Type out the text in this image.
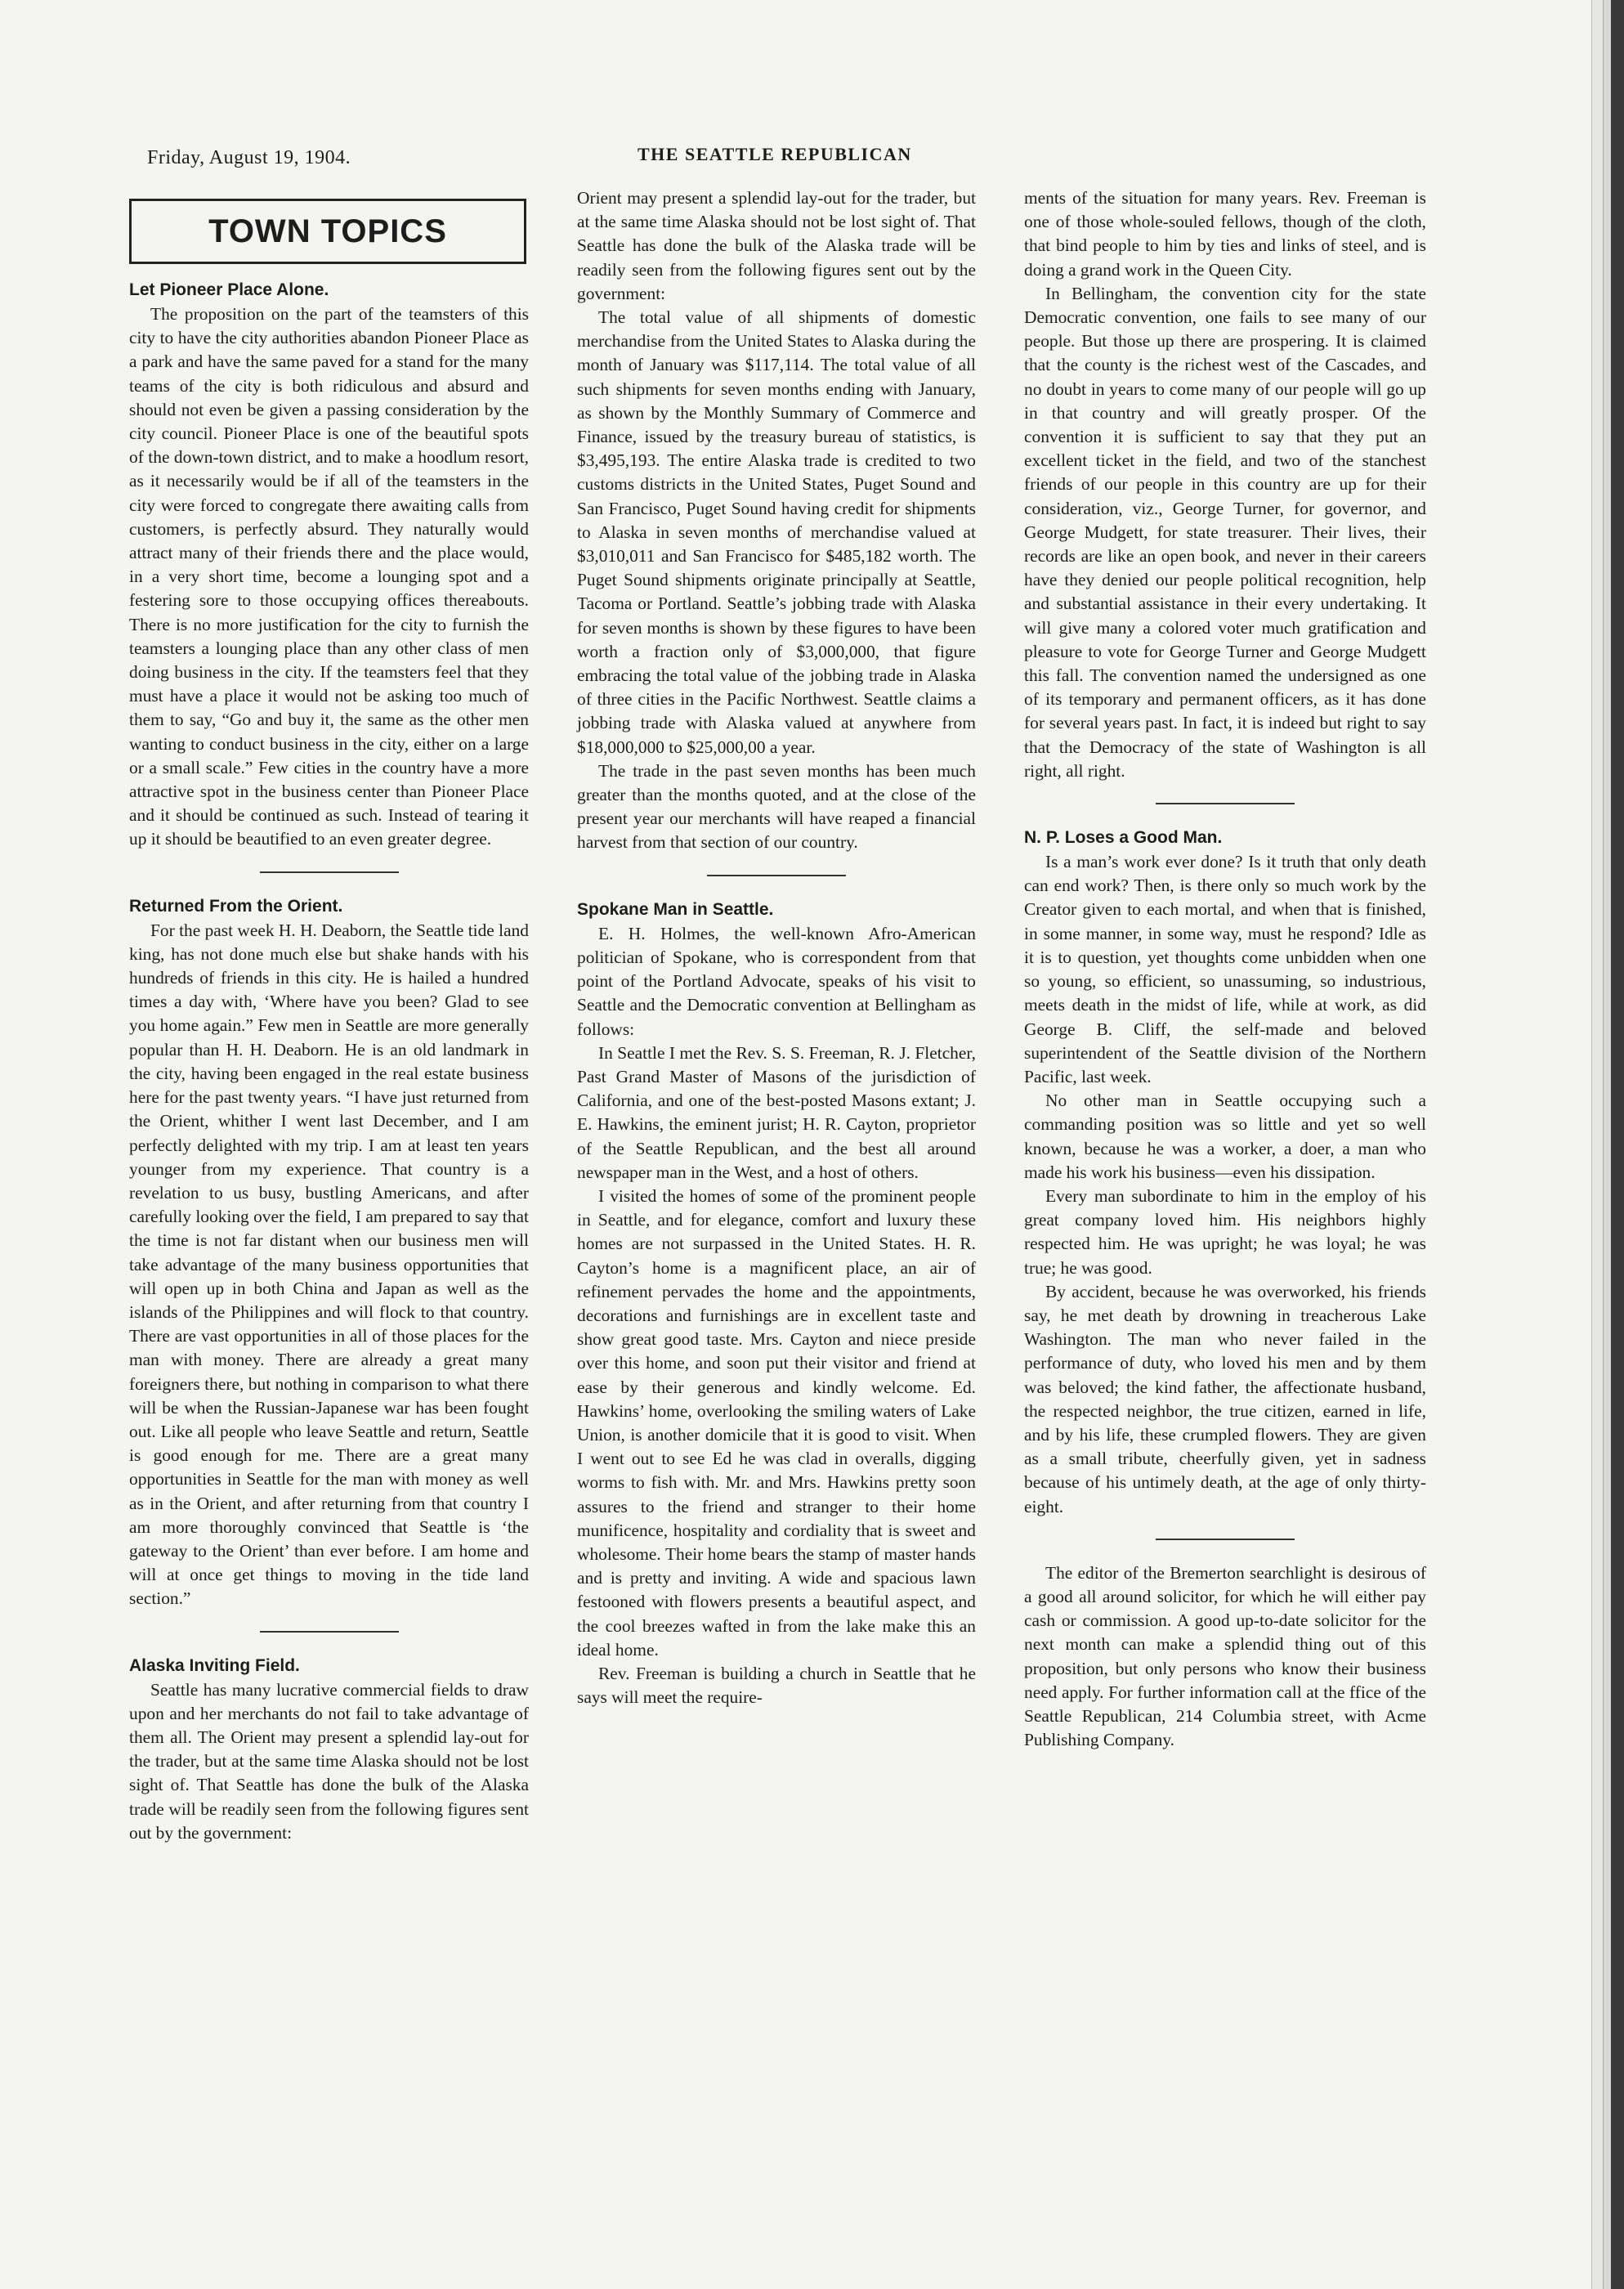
Friday, August 19, 1904.	THE SEATTLE REPUBLICAN
TOWN TOPICS
Let Pioneer Place Alone.

The proposition on the part of the teamsters of this city to have the city authorities abandon Pioneer Place as a park and have the same paved for a stand for the many teams of the city is both ridiculous and absurd and should not even be given a passing consideration by the city council. Pioneer Place is one of the beautiful spots of the down-town district, and to make a hoodlum resort, as it necessarily would be if all of the teamsters in the city were forced to congregate there awaiting calls from customers, is perfectly absurd. They naturally would attract many of their friends there and the place would, in a very short time, become a lounging spot and a festering sore to those occupying offices thereabouts. There is no more justification for the city to furnish the teamsters a lounging place than any other class of men doing business in the city. If the teamsters feel that they must have a place it would not be asking too much of them to say, “Go and buy it, the same as the other men wanting to conduct business in the city, either on a large or a small scale.” Few cities in the country have a more attractive spot in the business center than Pioneer Place and it should be continued as such. Instead of tearing it up it should be beautified to an even greater degree.

Returned From the Orient.

For the past week H. H. Deaborn, the Seattle tide land king, has not done much else but shake hands with his hundreds of friends in this city. He is hailed a hundred times a day with, ‘Where have you been? Glad to see you home again.” Few men in Seattle are more generally popular than H. H. Deaborn. He is an old landmark in the city, having been engaged in the real estate business here for the past twenty years. “I have just returned from the Orient, whither I went last December, and I am perfectly delighted with my trip. I am at least ten years younger from my experience. That country is a revelation to us busy, bustling Americans, and after carefully looking over the field, I am prepared to say that the time is not far distant when our business men will take advantage of the many business opportunities that will open up in both China and Japan as well as the islands of the Philippines and will flock to that country. There are vast opportunities in all of those places for the man with money. There are already a great many foreigners there, but nothing in comparison to what there will be when the Russian-Japanese war has been fought out. Like all people who leave Seattle and return, Seattle is good enough for me. There are a great many opportunities in Seattle for the man with money as well as in the Orient, and after returning from that country I am more thoroughly convinced that Seattle is ‘the gateway to the Orient’ than ever before. I am home and will at once get things to moving in the tide land section.”

Alaska Inviting Field.

Seattle has many lucrative commercial fields to draw upon and her merchants do not fail to take advantage of them all. The Orient may present a splendid lay-out for the trader, but at the same time Alaska should not be lost sight of. That Seattle has done the bulk of the Alaska trade will be readily seen from the following figures sent out by the government:

Orient may present a splendid lay-out for the trader, but at the same time Alaska should not be lost sight of. That Seattle has done the bulk of the Alaska trade will be readily seen from the following figures sent out by the government:

The total value of all shipments of domestic merchandise from the United States to Alaska during the month of January was $117,114. The total value of all such shipments for seven months ending with January, as shown by the Monthly Summary of Commerce and Finance, issued by the treasury bureau of statistics, is $3,495,193. The entire Alaska trade is credited to two customs districts in the United States, Puget Sound and San Francisco, Puget Sound having credit for shipments to Alaska in seven months of merchandise valued at $3,010,011 and San Francisco for $485,182 worth. The Puget Sound shipments originate principally at Seattle, Tacoma or Portland. Seattle’s jobbing trade with Alaska for seven months is shown by these figures to have been worth a fraction only of $3,000,000, that figure embracing the total value of the jobbing trade in Alaska of three cities in the Pacific Northwest. Seattle claims a jobbing trade with Alaska valued at anywhere from $18,000,000 to $25,000,00 a year.

The trade in the past seven months has been much greater than the months quoted, and at the close of the present year our merchants will have reaped a financial harvest from that section of our country.

Spokane Man in Seattle.

E. H. Holmes, the well-known Afro-American politician of Spokane, who is correspondent from that point of the Portland Advocate, speaks of his visit to Seattle and the Democratic convention at Bellingham as follows:

In Seattle I met the Rev. S. S. Freeman, R. J. Fletcher, Past Grand Master of Masons of the jurisdiction of California, and one of the best-posted Masons extant; J. E. Hawkins, the eminent jurist; H. R. Cayton, proprietor of the Seattle Republican, and the best all around newspaper man in the West, and a host of others.

I visited the homes of some of the prominent people in Seattle, and for elegance, comfort and luxury these homes are not surpassed in the United States. H. R. Cayton’s home is a magnificent place, an air of refinement pervades the home and the appointments, decorations and furnishings are in excellent taste and show great good taste. Mrs. Cayton and niece preside over this home, and soon put their visitor and friend at ease by their generous and kindly welcome. Ed. Hawkins’ home, overlooking the smiling waters of Lake Union, is another domicile that it is good to visit. When I went out to see Ed he was clad in overalls, digging worms to fish with. Mr. and Mrs. Hawkins pretty soon assures to the friend and stranger to their home munificence, hospitality and cordiality that is sweet and wholesome. Their home bears the stamp of master hands and is pretty and inviting. A wide and spacious lawn festooned with flowers presents a beautiful aspect, and the cool breezes wafted in from the lake make this an ideal home.

Rev. Freeman is building a church in Seattle that he says will meet the require-

ments of the situation for many years. Rev. Freeman is one of those whole-souled fellows, though of the cloth, that bind people to him by ties and links of steel, and is doing a grand work in the Queen City.

In Bellingham, the convention city for the state Democratic convention, one fails to see many of our people. But those up there are prospering. It is claimed that the county is the richest west of the Cascades, and no doubt in years to come many of our people will go up in that country and will greatly prosper. Of the convention it is sufficient to say that they put an excellent ticket in the field, and two of the stanchest friends of our people in this country are up for their consideration, viz., George Turner, for governor, and George Mudgett, for state treasurer. Their lives, their records are like an open book, and never in their careers have they denied our people political recognition, help and substantial assistance in their every undertaking. It will give many a colored voter much gratification and pleasure to vote for George Turner and George Mudgett this fall. The convention named the undersigned as one of its temporary and permanent officers, as it has done for several years past. In fact, it is indeed but right to say that the Democracy of the state of Washington is all right, all right.

N. P. Loses a Good Man.

Is a man’s work ever done? Is it truth that only death can end work? Then, is there only so much work by the Creator given to each mortal, and when that is finished, in some manner, in some way, must he respond? Idle as it is to question, yet thoughts come unbidden when one so young, so efficient, so unassuming, so industrious, meets death in the midst of life, while at work, as did George B. Cliff, the self-made and beloved superintendent of the Seattle division of the Northern Pacific, last week.

No other man in Seattle occupying such a commanding position was so little and yet so well known, because he was a worker, a doer, a man who made his work his business—even his dissipation.

Every man subordinate to him in the employ of his great company loved him. His neighbors highly respected him. He was upright; he was loyal; he was true; he was good.

By accident, because he was overworked, his friends say, he met death by drowning in treacherous Lake Washington. The man who never failed in the performance of duty, who loved his men and by them was beloved; the kind father, the affectionate husband, the respected neighbor, the true citizen, earned in life, and by his life, these crumpled flowers. They are given as a small tribute, cheerfully given, yet in sadness because of his untimely death, at the age of only thirty-eight.

The editor of the Bremerton searchlight is desirous of a good all around solicitor, for which he will either pay cash or commission. A good up-to-date solicitor for the next month can make a splendid thing out of this proposition, but only persons who know their business need apply. For further information call at the ffice of the Seattle Republican, 214 Columbia street, with Acme Publishing Company.
